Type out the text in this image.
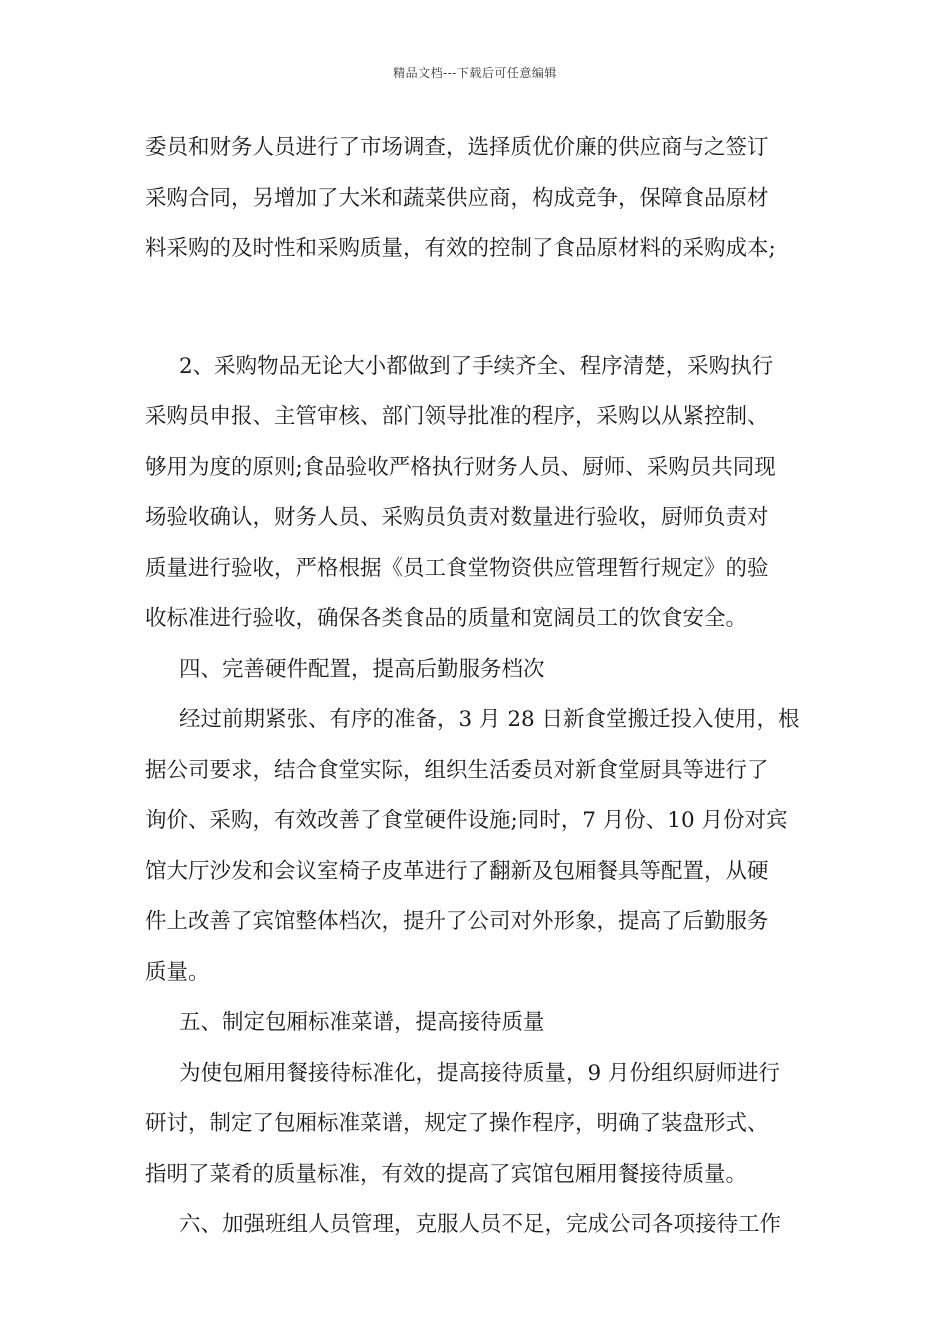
精品文档---下载后可任意编辑
委员和财务人员进行了市场调查，选择质优价廉的供应商与之签订
采购合同，另增加了大米和蔬菜供应商，构成竞争，保障食品原材
料采购的及时性和采购质量，有效的控制了食品原材料的采购成本;
2、采购物品无论大小都做到了手续齐全、程序清楚，采购执行
采购员申报、主管审核、部门领导批准的程序，采购以从紧控制、
够用为度的原则;食品验收严格执行财务人员、厨师、采购员共同现
场验收确认，财务人员、采购员负责对数量进行验收，厨师负责对
质量进行验收，严格根据《员工食堂物资供应管理暂行规定》的验
收标准进行验收，确保各类食品的质量和宽阔员工的饮食安全。
四、完善硬件配置，提高后勤服务档次
经过前期紧张、有序的准备，3 月 28 日新食堂搬迁投入使用，根
据公司要求，结合食堂实际，组织生活委员对新食堂厨具等进行了
询价、采购，有效改善了食堂硬件设施;同时，7 月份、10 月份对宾
馆大厅沙发和会议室椅子皮革进行了翻新及包厢餐具等配置，从硬
件上改善了宾馆整体档次，提升了公司对外形象，提高了后勤服务
质量。
五、制定包厢标准菜谱，提高接待质量
为使包厢用餐接待标准化，提高接待质量，9 月份组织厨师进行
研讨，制定了包厢标准菜谱，规定了操作程序，明确了装盘形式、
指明了菜肴的质量标准，有效的提高了宾馆包厢用餐接待质量。
六、加强班组人员管理，克服人员不足，完成公司各项接待工作
